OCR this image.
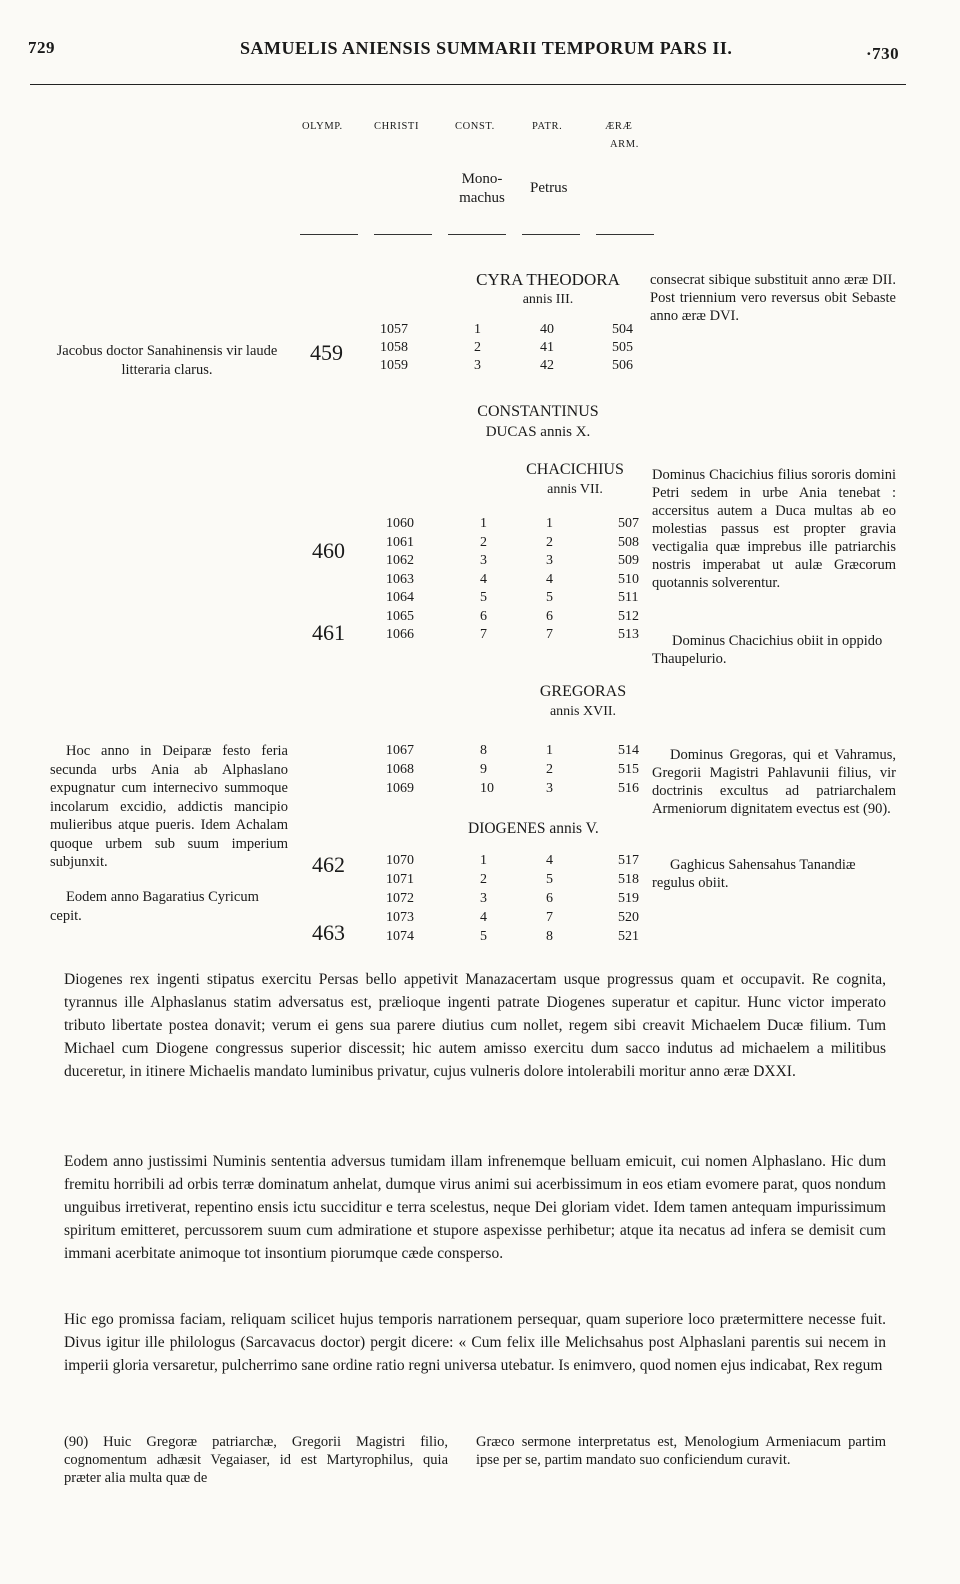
729	SAMUELIS ANIENSIS SUMMARII TEMPORUM PARS II.	·730
OLYMP.	CHRISTI	CONST.	PATR.	ÆRÆ
ARM.
Mono-
machus
Petrus
CYRA THEODORA
annis III.
Jacobus doctor Sanahinensis vir laude litteraria clarus.
459
1057	1	40	504
1058	2	41	505
1059	3	42	506
consecrat sibique substituit anno æræ DII. Post triennium vero reversus obit Sebaste anno æræ DVI.
CONSTANTINUS
DUCAS annis X.
CHACICHIUS
annis VII.
460
461
1060	1	1	507
1061	2	2	508
1062	3	3	509
1063	4	4	510
1064	5	5	511
1065	6	6	512
1066	7	7	513
Dominus Chacichius filius sororis domini Petri sedem in urbe Ania tenebat : accersitus autem a Duca multas ab eo molestias passus est propter gravia vectigalia quæ imprebus ille patriarchis nostris imperabat ut aulæ Græcorum quotannis solverentur.
Dominus Chacichius obiit in oppido Thaupelurio.
GREGORAS
annis XVII.
Hoc anno in Deiparæ festo feria secunda urbs Ania ab Alphaslano expugnatur cum internecivo summoque incolarum excidio, addictis mancipio mulieribus atque pueris. Idem Achalam quoque urbem sub suum imperium subjunxit.
Eodem anno Bagaratius Cyricum cepit.
1067	8	1	514
1068	9	2	515
1069	10	3	516
DIOGENES annis V.
462
463
1070	1	4	517
1071	2	5	518
1072	3	6	519
1073	4	7	520
1074	5	8	521
Dominus Gregoras, qui et Vahramus, Gregorii Magistri Pahlavunii filius, vir doctrinis excultus ad patriarchalem Armeniorum dignitatem evectus est (90).
Gaghicus Sahensahus Tanandiæ regulus obiit.
Diogenes rex ingenti stipatus exercitu Persas bello appetivit Manazacertam usque progressus quam et occupavit. Re cognita, tyrannus ille Alphaslanus statim adversatus est, prælioque ingenti patrate Diogenes superatur et capitur. Hunc victor imperato tributo libertate postea donavit; verum ei gens sua parere diutius cum nollet, regem sibi creavit Michaelem Ducæ filium. Tum Michael cum Diogene congressus superior discessit; hic autem amisso exercitu dum sacco indutus ad michaelem a militibus duceretur, in itinere Michaelis mandato luminibus privatur, cujus vulneris dolore intolerabili moritur anno æræ DXXI.
Eodem anno justissimi Numinis sententia adversus tumidam illam infrenemque belluam emicuit, cui nomen Alphaslano. Hic dum fremitu horribili ad orbis terræ dominatum anhelat, dumque virus animi sui acerbissimum in eos etiam evomere parat, quos nondum unguibus irretiverat, repentino ensis ictu succiditur e terra scelestus, neque Dei gloriam videt. Idem tamen antequam impurissimum spiritum emitteret, percussorem suum cum admiratione et stupore aspexisse perhibetur; atque ita necatus ad infera se demisit cum immani acerbitate animoque tot insontium piorumque cæde consperso.
Hic ego promissa faciam, reliquam scilicet hujus temporis narrationem persequar, quam superiore loco prætermittere necesse fuit. Divus igitur ille philologus (Sarcavacus doctor) pergit dicere: « Cum felix ille Melichsahus post Alphaslani parentis sui necem in imperii gloria versaretur, pulcherrimo sane ordine ratio regni universa utebatur. Is enimvero, quod nomen ejus indicabat, Rex regum
(90) Huic Gregoræ patriarchæ, Gregorii Magistri filio, cognomentum adhæsit Vegaiaser, id est Martyrophilus, quia præter alia multa quæ de
Græco sermone interpretatus est, Menologium Armeniacum partim ipse per se, partim mandato suo conficiendum curavit.
